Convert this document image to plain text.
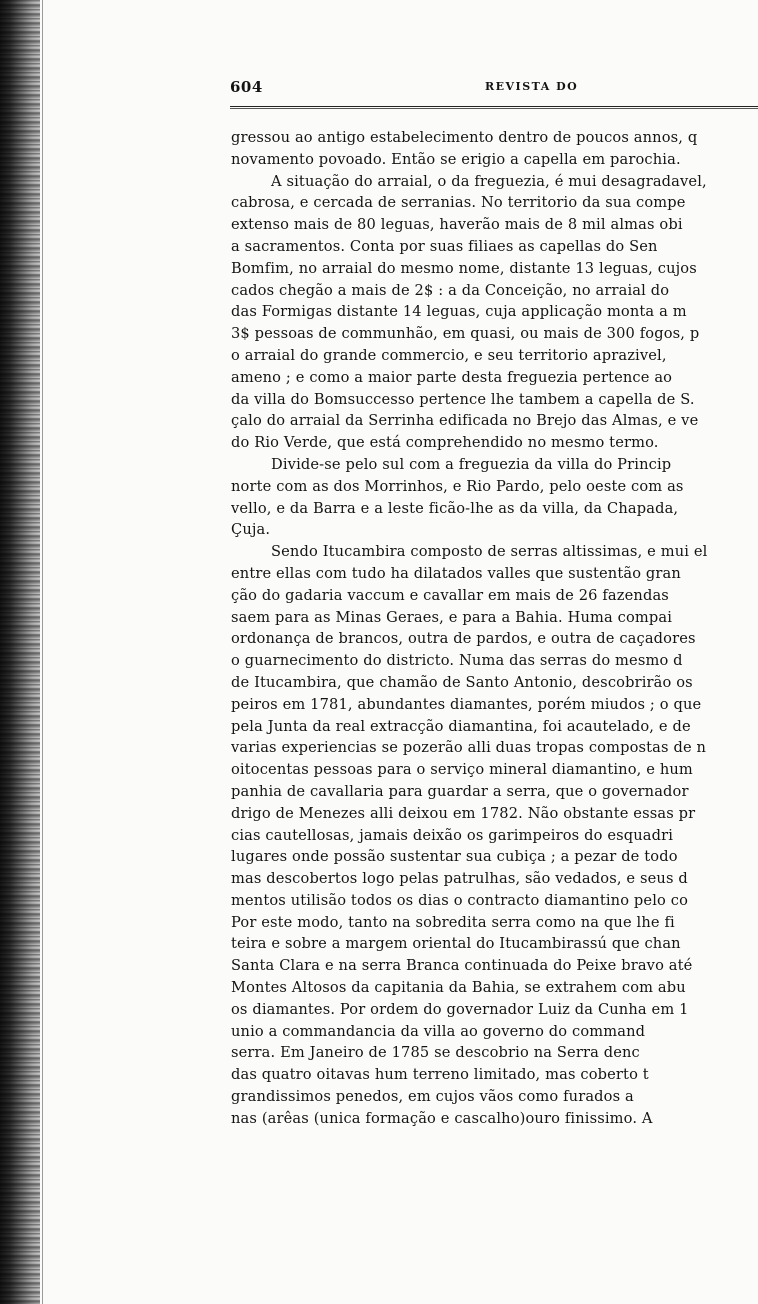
604	REVISTA DO
gressou ao antigo estabelecimento dentro de poucos annos, q
novamento povoado. Então se erigio a capella em parochia.
A situação do arraial, o da freguezia, é mui desagradavel,
cabrosa, e cercada de serranias. No territorio da sua compe
extenso mais de 80 leguas, haverão mais de 8 mil almas obi
a sacramentos. Conta por suas filiaes as capellas do Sen
Bomfim, no arraial do mesmo nome, distante 13 leguas, cujos
cados chegão a mais de 2$ : a da Conceição, no arraial do
das Formigas distante 14 leguas, cuja applicação monta a m
3$ pessoas de communhão, em quasi, ou mais de 300 fogos, p
o arraial do grande commercio, e seu territorio aprazivel,
ameno ; e como a maior parte desta freguezia pertence ao
da villa do Bomsuccesso pertence lhe tambem a capella de S.
çalo do arraial da Serrinha edificada no Brejo das Almas, e ve
do Rio Verde, que está comprehendido no mesmo termo.
Divide-se pelo sul com a freguezia da villa do Princip
norte com as dos Morrinhos, e Rio Pardo, pelo oeste com as
vello, e da Barra e a leste ficão-lhe as da villa, da Chapada,
Çuja.
Sendo Itucambira composto de serras altissimas, e mui el
entre ellas com tudo ha dilatados valles que sustentão gran
ção do gadaria vaccum e cavallar em mais de 26 fazendas
saem para as Minas Geraes, e para a Bahia. Huma compai
ordonança de brancos, outra de pardos, e outra de caçadores
o guarnecimento do districto. Numa das serras do mesmo d
de Itucambira, que chamão de Santo Antonio, descobrirão os
peiros em 1781, abundantes diamantes, porém miudos ; o que
pela Junta da real extracção diamantina, foi acautelado, e de
varias experiencias se pozerão alli duas tropas compostas de n
oitocentas pessoas para o serviço mineral diamantino, e hum
panhia de cavallaria para guardar a serra, que o governador
drigo de Menezes alli deixou em 1782. Não obstante essas pr
cias cautellosas, jamais deixão os garimpeiros do esquadri
lugares onde possão sustentar sua cubiça ; a pezar de todo
mas descobertos logo pelas patrulhas, são vedados, e seus d
mentos utilisão todos os dias o contracto diamantino pelo co
Por este modo, tanto na sobredita serra como na que lhe fi
teira e sobre a margem oriental do Itucambirassú que chan
Santa Clara e na serra Branca continuada do Peixe bravo até
Montes Altosos da capitania da Bahia, se extrahem com abu
os diamantes. Por ordem do governador Luiz da Cunha em 1
unio a commandancia da villa ao governo do command
serra. Em Janeiro de 1785 se descobrio na Serra denc
das quatro oitavas hum terreno limitado, mas coberto t
grandissimos penedos, em cujos vãos como furados a
nas (arêas (unica formação e cascalho)ouro finissimo. A
